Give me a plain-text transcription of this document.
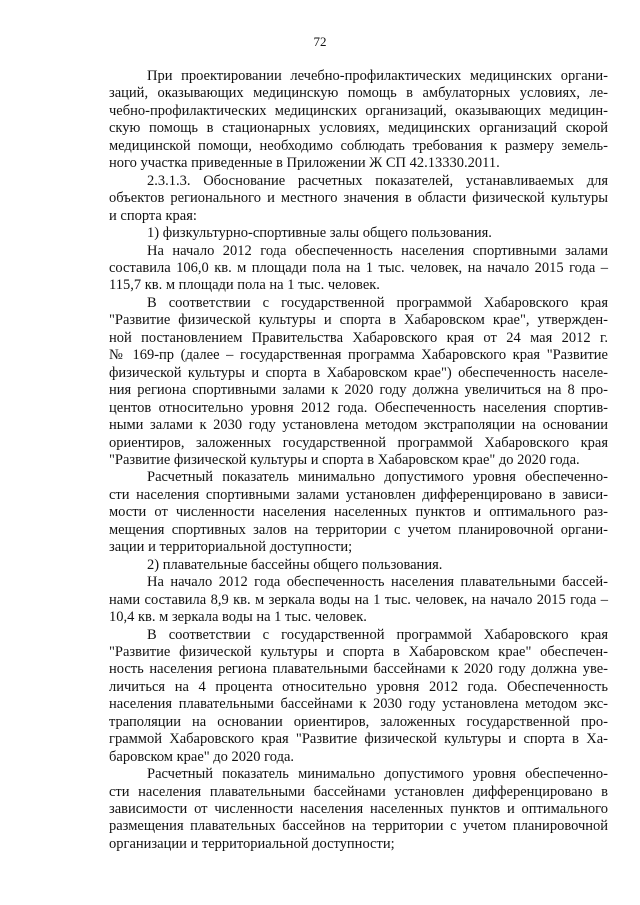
72
При проектировании лечебно-профилактических медицинских органи-
заций, оказывающих медицинскую помощь в амбулаторных условиях, ле-
чебно-профилактических медицинских организаций, оказывающих медицин-
скую помощь в стационарных условиях, медицинских организаций скорой
медицинской помощи, необходимо соблюдать требования к размеру земель-
ного участка приведенные в Приложении Ж СП 42.13330.2011.
2.3.1.3. Обоснование расчетных показателей, устанавливаемых для
объектов регионального и местного значения в области физической культуры
и спорта края:
1) физкультурно-спортивные залы общего пользования.
На начало 2012 года обеспеченность населения спортивными залами
составила 106,0 кв. м площади пола на 1 тыс. человек, на начало 2015 года –
115,7 кв. м площади пола на 1 тыс. человек.
В соответствии с государственной программой Хабаровского края
"Развитие физической культуры и спорта в Хабаровском крае", утвержден-
ной постановлением Правительства Хабаровского края от 24 мая 2012 г.
№ 169-пр (далее – государственная программа Хабаровского края "Развитие
физической культуры и спорта в Хабаровском крае") обеспеченность населе-
ния региона спортивными залами к 2020 году должна увеличиться на 8 про-
центов относительно уровня 2012 года. Обеспеченность населения спортив-
ными залами к 2030 году установлена методом экстраполяции на основании
ориентиров, заложенных государственной программой Хабаровского края
"Развитие физической культуры и спорта в Хабаровском крае" до 2020 года.
Расчетный показатель минимально допустимого уровня обеспеченно-
сти населения спортивными залами установлен дифференцировано в зависи-
мости от численности населения населенных пунктов и оптимального раз-
мещения спортивных залов на территории с учетом планировочной органи-
зации и территориальной доступности;
2) плавательные бассейны общего пользования.
На начало 2012 года обеспеченность населения плавательными бассей-
нами составила 8,9 кв. м зеркала воды на 1 тыс. человек, на начало 2015 года –
10,4 кв. м зеркала воды на 1 тыс. человек.
В соответствии с государственной программой Хабаровского края
"Развитие физической культуры и спорта в Хабаровском крае" обеспечен-
ность населения региона плавательными бассейнами к 2020 году должна уве-
личиться на 4 процента относительно уровня 2012 года. Обеспеченность
населения плавательными бассейнами к 2030 году установлена методом экс-
траполяции на основании ориентиров, заложенных государственной про-
граммой Хабаровского края "Развитие физической культуры и спорта в Ха-
баровском крае" до 2020 года.
Расчетный показатель минимально допустимого уровня обеспеченно-
сти населения плавательными бассейнами установлен дифференцировано в
зависимости от численности населения населенных пунктов и оптимального
размещения плавательных бассейнов на территории с учетом планировочной
организации и территориальной доступности;
